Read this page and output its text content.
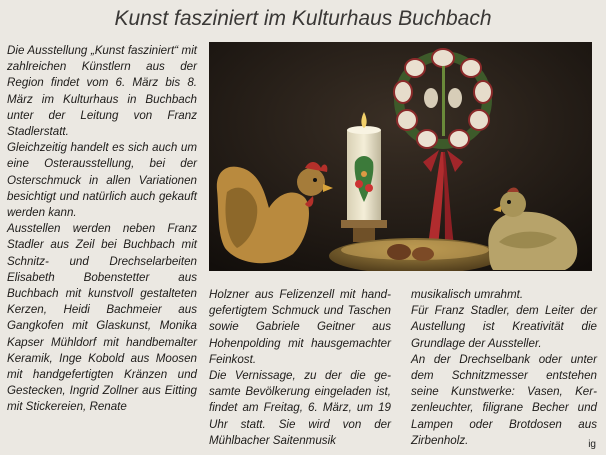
Kunst fasziniert im Kulturhaus Buchbach

Die Ausstellung „Kunst fasziniert“ mit zahlreichen Künstlern aus der Region findet vom 6. März bis 8. März im Kulturhaus in Buchbach unter der Leitung von Franz Stadlerstatt.

Gleichzeitig handelt es sich auch um eine Osterausstellung, bei der Osterschmuck in allen Variationen besichtigt und natürlich auch gekauft werden kann.

Ausstellen werden neben Franz Stadler aus Zeil bei Buchbach mit Schnitz- und Drechselarbeiten Elisabeth Bobenstetter aus Buchbach mit kunstvoll gestalteten Kerzen, Heidi Bachmeier aus Gangkofen mit Glaskunst, Monika Kapser Mühldorf mit handbemalter Keramik, Inge Kobold aus Moosen mit handgefertigten Kränzen und Gestecken, Ingrid Zollner aus Eitting mit Stickereien, Renate

Holzner aus Felizenzell mit handgefertigtem Schmuck und Taschen sowie Gabriele Geitner aus Hohenpolding mit hausgemachter Feinkost.

Die Vernissage, zu der die gesamte Bevölkerung eingeladen ist, findet am Freitag, 6. März, um 19 Uhr statt. Sie wird von der Mühlbacher Saitenmusik

musikalisch umrahmt.

Für Franz Stadler, dem Leiter der Austellung ist Kreativität die Grundlage der Aussteller.

An der Drechselbank oder unter dem Schnitzmesser entstehen seine Kunstwerke: Vasen, Kerzenleuchter, filigrane Becher und Lampen oder Brotdosen aus Zirbenholz.	ig
